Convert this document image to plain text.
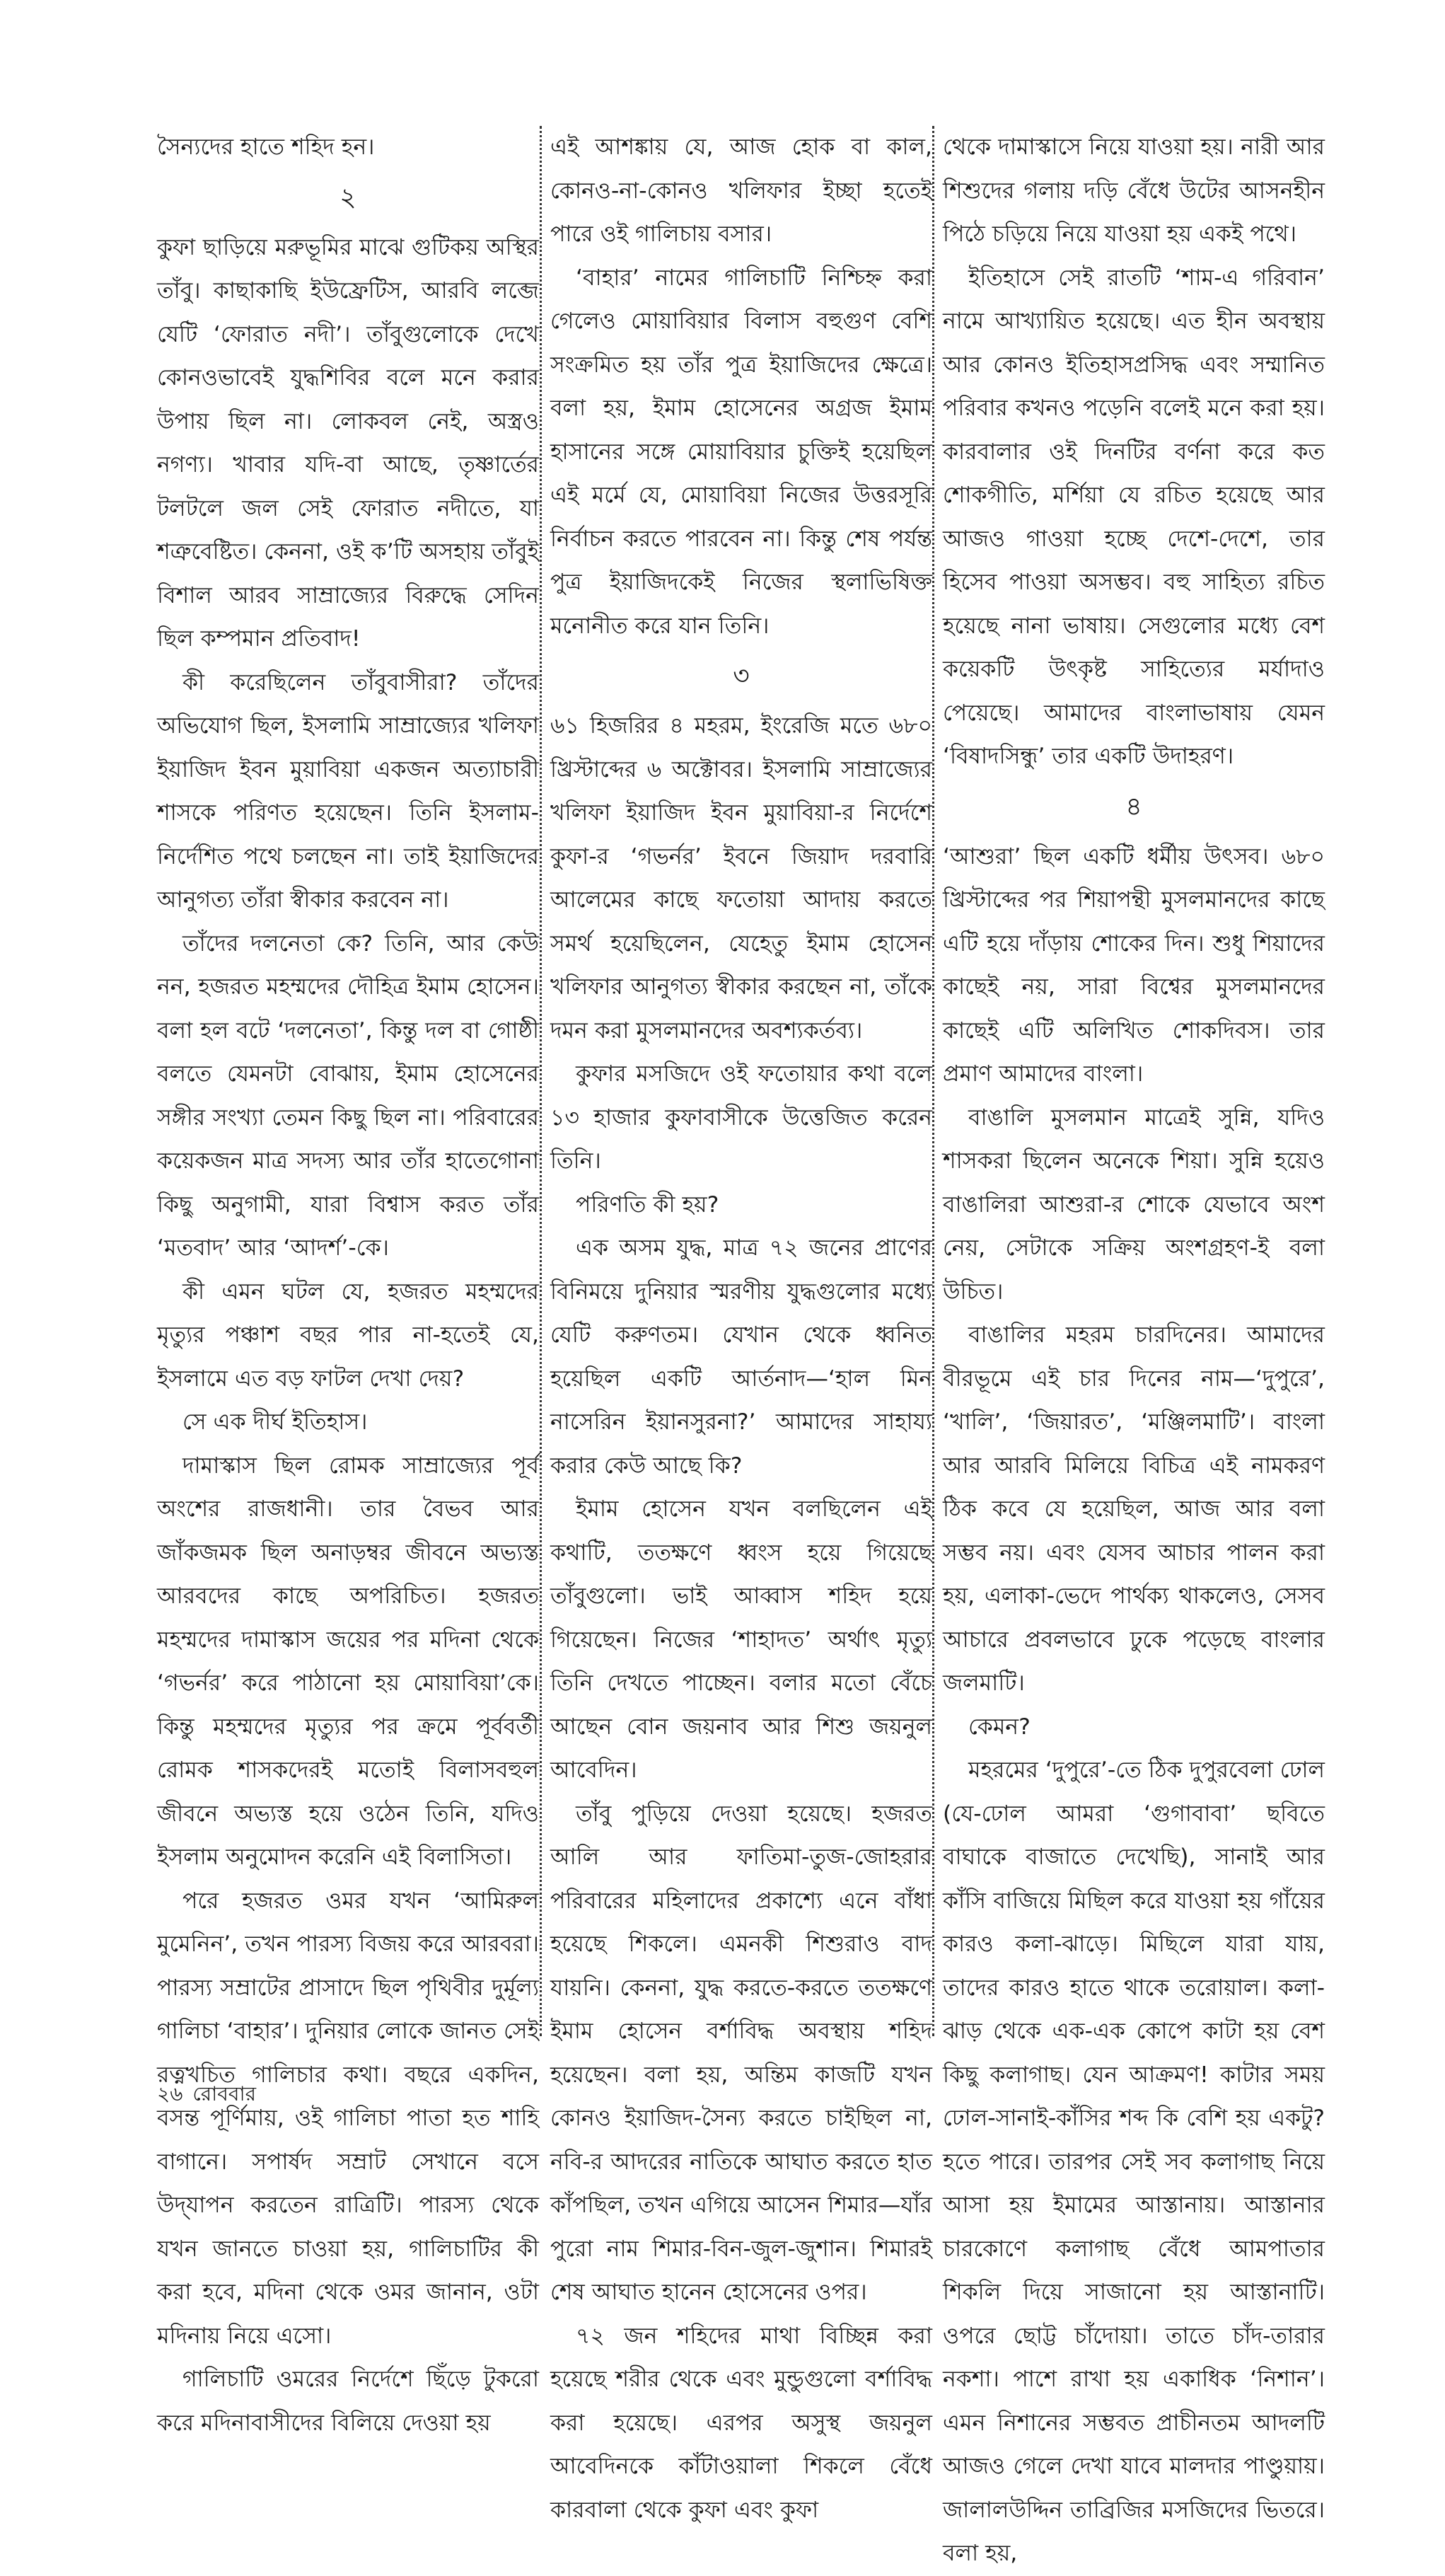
সৈন্যদের হাতে শহিদ হন।

২

কুফা ছাড়িয়ে মরুভূমির মাঝে গুটিকয় অস্থির তাঁবু। কাছাকাছি ইউফ্রেটিস, আরবি লব্জে যেটি ‘ফোরাত নদী’। তাঁবুগুলোকে দেখে কোনওভাবেই যুদ্ধশিবির বলে মনে করার উপায় ছিল না। লোকবল নেই, অস্ত্রও নগণ্য। খাবার যদি-বা আছে, তৃষ্ণার্তের টলটলে জল সেই ফোরাত নদীতে, যা শত্রুবেষ্টিত। কেননা, ওই ক’টি অসহায় তাঁবুই বিশাল আরব সাম্রাজ্যের বিরুদ্ধে সেদিন ছিল কম্পমান প্রতিবাদ!

কী করেছিলেন তাঁবুবাসীরা? তাঁদের অভিযোগ ছিল, ইসলামি সাম্রাজ্যের খলিফা ইয়াজিদ ইবন মুয়াবিয়া একজন অত্যাচারী শাসকে পরিণত হয়েছেন। তিনি ইসলাম-নির্দেশিত পথে চলছেন না। তাই ইয়াজিদের আনুগত্য তাঁরা স্বীকার করবেন না।

তাঁদের দলনেতা কে? তিনি, আর কেউ নন, হজরত মহম্মদের দৌহিত্র ইমাম হোসেন। বলা হল বটে ‘দলনেতা’, কিন্তু দল বা গোষ্ঠী বলতে যেমনটা বোঝায়, ইমাম হোসেনের সঙ্গীর সংখ্যা তেমন কিছু ছিল না। পরিবারের কয়েকজন মাত্র সদস্য আর তাঁর হাতেগোনা কিছু অনুগামী, যারা বিশ্বাস করত তাঁর ‘মতবাদ’ আর ‘আদর্শ’-কে।

কী এমন ঘটল যে, হজরত মহম্মদের মৃত্যুর পঞ্চাশ বছর পার না-হতেই যে, ইসলামে এত বড় ফাটল দেখা দেয়?

সে এক দীর্ঘ ইতিহাস।

দামাস্কাস ছিল রোমক সাম্রাজ্যের পূর্ব অংশের রাজধানী। তার বৈভব আর জাঁকজমক ছিল অনাড়ম্বর জীবনে অভ্যস্ত আরবদের কাছে অপরিচিত। হজরত মহম্মদের দামাস্কাস জয়ের পর মদিনা থেকে ‘গভর্নর’ করে পাঠানো হয় মোয়াবিয়া’কে। কিন্তু মহম্মদের মৃত্যুর পর ক্রমে পূর্ববর্তী রোমক শাসকদেরই মতোই বিলাসবহুল জীবনে অভ্যস্ত হয়ে ওঠেন তিনি, যদিও ইসলাম অনুমোদন করেনি এই বিলাসিতা।

পরে হজরত ওমর যখন ‘আমিরুল মুমেনিন’, তখন পারস্য বিজয় করে আরবরা। পারস্য সম্রাটের প্রাসাদে ছিল পৃথিবীর দুর্মূল্য গালিচা ‘বাহার’। দুনিয়ার লোকে জানত সেই রত্নখচিত গালিচার কথা। বছরে একদিন, বসন্ত পূর্ণিমায়, ওই গালিচা পাতা হত শাহি বাগানে। সপার্ষদ সম্রাট সেখানে বসে উদ্‌যাপন করতেন রাত্রিটি। পারস্য থেকে যখন জানতে চাওয়া হয়, গালিচাটির কী করা হবে, মদিনা থেকে ওমর জানান, ওটা মদিনায় নিয়ে এসো।

গালিচাটি ওমরের নির্দেশে ছিঁড়ে টুকরো করে মদিনাবাসীদের বিলিয়ে দেওয়া হয়

এই আশঙ্কায় যে, আজ হোক বা কাল, কোনও-না-কোনও খলিফার ইচ্ছা হতেই পারে ওই গালিচায় বসার।

‘বাহার’ নামের গালিচাটি নিশ্চিহ্ন করা গেলেও মোয়াবিয়ার বিলাস বহুগুণ বেশি সংক্রমিত হয় তাঁর পুত্র ইয়াজিদের ক্ষেত্রে। বলা হয়, ইমাম হোসেনের অগ্রজ ইমাম হাসানের সঙ্গে মোয়াবিয়ার চুক্তিই হয়েছিল এই মর্মে যে, মোয়াবিয়া নিজের উত্তরসূরি নির্বাচন করতে পারবেন না। কিন্তু শেষ পর্যন্ত পুত্র ইয়াজিদকেই নিজের স্থলাভিষিক্ত মনোনীত করে যান তিনি।

৩

৬১ হিজরির ৪ মহরম, ইংরেজি মতে ৬৮০ খ্রিস্টাব্দের ৬ অক্টোবর। ইসলামি সাম্রাজ্যের খলিফা ইয়াজিদ ইবন মুয়াবিয়া-র নির্দেশে কুফা-র ‘গভর্নর’ ইবনে জিয়াদ দরবারি আলেমের কাছে ফতোয়া আদায় করতে সমর্থ হয়েছিলেন, যেহেতু ইমাম হোসেন খলিফার আনুগত্য স্বীকার করছেন না, তাঁকে দমন করা মুসলমানদের অবশ্যকর্তব্য।

কুফার মসজিদে ওই ফতোয়ার কথা বলে ১৩ হাজার কুফাবাসীকে উত্তেজিত করেন তিনি।

পরিণতি কী হয়?

এক অসম যুদ্ধ, মাত্র ৭২ জনের প্রাণের বিনিময়ে দুনিয়ার স্মরণীয় যুদ্ধগুলোর মধ্যে যেটি করুণতম। যেখান থেকে ধ্বনিত হয়েছিল একটি আর্তনাদ—‘হাল মিন নাসেরিন ইয়ানসুরনা?’ আমাদের সাহায্য করার কেউ আছে কি?

ইমাম হোসেন যখন বলছিলেন এই কথাটি, ততক্ষণে ধ্বংস হয়ে গিয়েছে তাঁবুগুলো। ভাই আব্বাস শহিদ হয়ে গিয়েছেন। নিজের ‘শাহাদত’ অর্থাৎ মৃত্যু তিনি দেখতে পাচ্ছেন। বলার মতো বেঁচে আছেন বোন জয়নাব আর শিশু জয়নুল আবেদিন।

তাঁবু পুড়িয়ে দেওয়া হয়েছে। হজরত আলি আর ফাতিমা-তুজ-জোহরার পরিবারের মহিলাদের প্রকাশ্যে এনে বাঁধা হয়েছে শিকলে। এমনকী শিশুরাও বাদ যায়নি। কেননা, যুদ্ধ করতে-করতে ততক্ষণে ইমাম হোসেন বর্শাবিদ্ধ অবস্থায় শহিদ হয়েছেন। বলা হয়, অন্তিম কাজটি যখন কোনও ইয়াজিদ-সৈন্য করতে চাইছিল না, নবি-র আদরের নাতিকে আঘাত করতে হাত কাঁপছিল, তখন এগিয়ে আসেন শিমার—যাঁর পুরো নাম শিমার-বিন-জুল-জুশান। শিমারই শেষ আঘাত হানেন হোসেনের ওপর।

৭২ জন শহিদের মাথা বিচ্ছিন্ন করা হয়েছে শরীর থেকে এবং মুন্ডুগুলো বর্শাবিদ্ধ করা হয়েছে। এরপর অসুস্থ জয়নুল আবেদিনকে কাঁটাওয়ালা শিকলে বেঁধে কারবালা থেকে কুফা এবং কুফা

থেকে দামাস্কাসে নিয়ে যাওয়া হয়। নারী আর শিশুদের গলায় দড়ি বেঁধে উটের আসনহীন পিঠে চড়িয়ে নিয়ে যাওয়া হয় একই পথে।

ইতিহাসে সেই রাতটি ‘শাম-এ গরিবান’ নামে আখ্যায়িত হয়েছে। এত হীন অবস্থায় আর কোনও ইতিহাসপ্রসিদ্ধ এবং সম্মানিত পরিবার কখনও পড়েনি বলেই মনে করা হয়। কারবালার ওই দিনটির বর্ণনা করে কত শোকগীতি, মর্শিয়া যে রচিত হয়েছে আর আজও গাওয়া হচ্ছে দেশে-দেশে, তার হিসেব পাওয়া অসম্ভব। বহু সাহিত্য রচিত হয়েছে নানা ভাষায়। সেগুলোর মধ্যে বেশ কয়েকটি উৎকৃষ্ট সাহিত্যের মর্যাদাও পেয়েছে। আমাদের বাংলাভাষায় যেমন ‘বিষাদসিন্ধু’ তার একটি উদাহরণ।

৪

‘আশুরা’ ছিল একটি ধর্মীয় উৎসব। ৬৮০ খ্রিস্টাব্দের পর শিয়াপন্থী মুসলমানদের কাছে এটি হয়ে দাঁড়ায় শোকের দিন। শুধু শিয়াদের কাছেই নয়, সারা বিশ্বের মুসলমানদের কাছেই এটি অলিখিত শোকদিবস। তার প্রমাণ আমাদের বাংলা।

বাঙালি মুসলমান মাত্রেই সুন্নি, যদিও শাসকরা ছিলেন অনেকে শিয়া। সুন্নি হয়েও বাঙালিরা আশুরা-র শোকে যেভাবে অংশ নেয়, সেটাকে সক্রিয় অংশগ্রহণ-ই বলা উচিত।

বাঙালির মহরম চারদিনের। আমাদের বীরভূমে এই চার দিনের নাম—‘দুপুরে’, ‘খালি’, ‘জিয়ারত’, ‘মঞ্জিলমাটি’। বাংলা আর আরবি মিলিয়ে বিচিত্র এই নামকরণ ঠিক কবে যে হয়েছিল, আজ আর বলা সম্ভব নয়। এবং যেসব আচার পালন করা হয়, এলাকা-ভেদে পার্থক্য থাকলেও, সেসব আচারে প্রবলভাবে ঢুকে পড়েছে বাংলার জলমাটি।

কেমন?

মহরমের ‘দুপুরে’-তে ঠিক দুপুরবেলা ঢোল (যে-ঢোল আমরা ‘গুগাবাবা’ ছবিতে বাঘাকে বাজাতে দেখেছি), সানাই আর কাঁসি বাজিয়ে মিছিল করে যাওয়া হয় গাঁয়ের কারও কলা-ঝাড়ে। মিছিলে যারা যায়, তাদের কারও হাতে থাকে তরোয়াল। কলা-ঝাড় থেকে এক-এক কোপে কাটা হয় বেশ কিছু কলাগাছ। যেন আক্রমণ! কাটার সময় ঢোল-সানাই-কাঁসির শব্দ কি বেশি হয় একটু? হতে পারে। তারপর সেই সব কলাগাছ নিয়ে আসা হয় ইমামের আস্তানায়। আস্তানার চারকোণে কলাগাছ বেঁধে আমপাতার শিকলি দিয়ে সাজানো হয় আস্তানাটি। ওপরে ছোট্ট চাঁদোয়া। তাতে চাঁদ-তারার নকশা। পাশে রাখা হয় একাধিক ‘নিশান’। এমন নিশানের সম্ভবত প্রাচীনতম আদলটি আজও গেলে দেখা যাবে মালদার পাণ্ডুয়ায়। জালালউদ্দিন তাব্রিজির মসজিদের ভিতরে। বলা হয়,

২৬ রোববার
